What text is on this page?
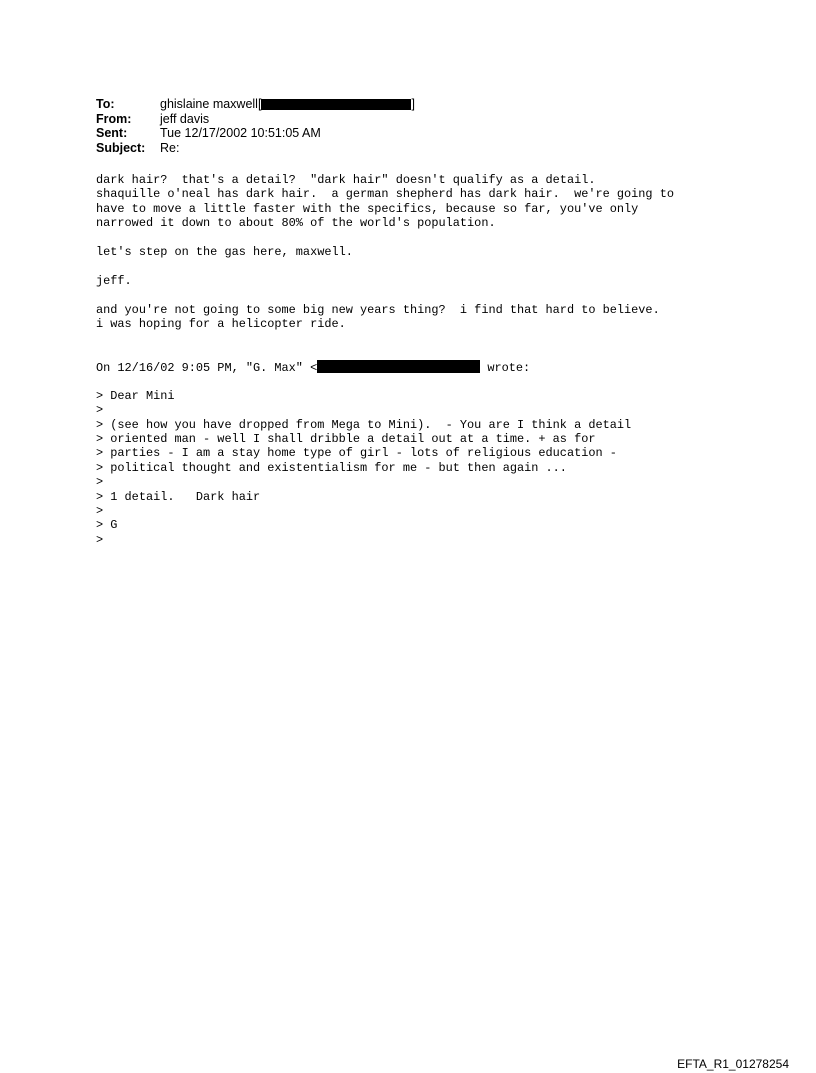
To:	ghislaine maxwell[	]
From:	jeff davis
Sent:	Tue 12/17/2002 10:51:05 AM
Subject:	Re:
dark hair?  that's a detail?  "dark hair" doesn't qualify as a detail.
shaquille o'neal has dark hair.  a german shepherd has dark hair.  we're going to
have to move a little faster with the specifics, because so far, you've only
narrowed it down to about 80% of the world's population.
let's step on the gas here, maxwell.
jeff.
and you're not going to some big new years thing?  i find that hard to believe.
i was hoping for a helicopter ride.
On 12/16/02 9:05 PM, "G. Max" <	wrote:
> Dear Mini
>
> (see how you have dropped from Mega to Mini).  - You are I think a detail
> oriented man - well I shall dribble a detail out at a time. + as for
> parties - I am a stay home type of girl - lots of religious education -
> political thought and existentialism for me - but then again ...
>
> 1 detail.   Dark hair
>
> G
>
EFTA_R1_01278254
